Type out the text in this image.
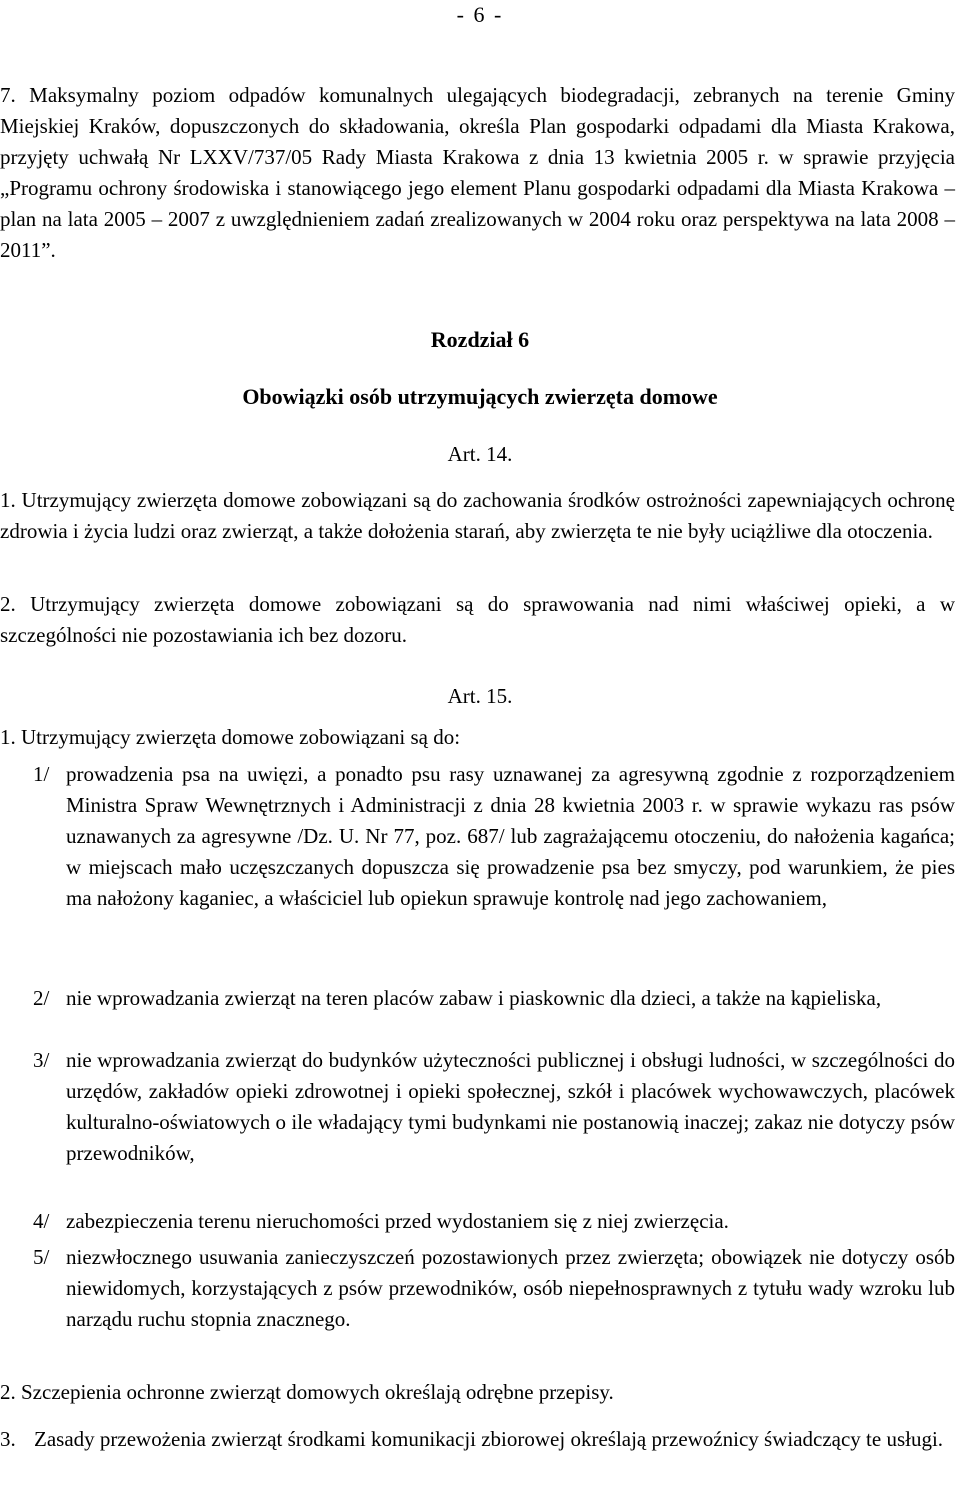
- 6 -
7. Maksymalny poziom odpadów komunalnych ulegających biodegradacji, zebranych na terenie Gminy Miejskiej Kraków, dopuszczonych do składowania, określa Plan gospodarki odpadami dla Miasta Krakowa, przyjęty uchwałą Nr LXXV/737/05 Rady Miasta Krakowa z dnia 13 kwietnia 2005 r. w sprawie przyjęcia „Programu ochrony środowiska i stanowiącego jego element Planu gospodarki odpadami dla Miasta Krakowa – plan na lata 2005 – 2007 z uwzględnieniem zadań zrealizowanych w 2004 roku oraz perspektywa na lata 2008 – 2011”.
Rozdział 6
Obowiązki osób utrzymujących zwierzęta domowe
Art. 14.
1. Utrzymujący zwierzęta domowe zobowiązani są do zachowania środków ostrożności zapewniających ochronę zdrowia i życia ludzi oraz zwierząt, a także dołożenia starań, aby zwierzęta te nie były uciążliwe dla otoczenia.
2. Utrzymujący zwierzęta domowe zobowiązani są do sprawowania nad nimi właściwej opieki, a w szczególności nie pozostawiania ich bez dozoru.
Art. 15.
1. Utrzymujący zwierzęta domowe zobowiązani są do:
1/ prowadzenia psa na uwięzi, a ponadto psu rasy uznawanej za agresywną zgodnie z rozporządzeniem Ministra Spraw Wewnętrznych i Administracji z dnia 28 kwietnia 2003 r. w sprawie wykazu ras psów uznawanych za agresywne /Dz. U. Nr 77, poz. 687/ lub zagrażającemu otoczeniu, do nałożenia kagańca; w miejscach mało uczęszczanych dopuszcza się prowadzenie psa bez smyczy, pod warunkiem, że pies ma nałożony kaganiec, a właściciel lub opiekun sprawuje kontrolę nad jego zachowaniem,
2/ nie wprowadzania zwierząt na teren placów zabaw i piaskownic dla dzieci, a także na kąpieliska,
3/ nie wprowadzania zwierząt do budynków użyteczności publicznej i obsługi ludności, w szczególności do urzędów, zakładów opieki zdrowotnej i opieki społecznej, szkół i placówek wychowawczych, placówek kulturalno-oświatowych o ile władający tymi budynkami nie postanowią inaczej; zakaz nie dotyczy psów przewodników,
4/ zabezpieczenia terenu nieruchomości przed wydostaniem się z niej zwierzęcia.
5/ niezwłocznego usuwania zanieczyszczeń pozostawionych przez zwierzęta; obowiązek nie dotyczy osób niewidomych, korzystających z psów przewodników, osób niepełnosprawnych z tytułu wady wzroku lub narządu ruchu stopnia znacznego.
2. Szczepienia ochronne zwierząt domowych określają odrębne przepisy.
3. Zasady przewożenia zwierząt środkami komunikacji zbiorowej określają przewoźnicy świadczący te usługi.
